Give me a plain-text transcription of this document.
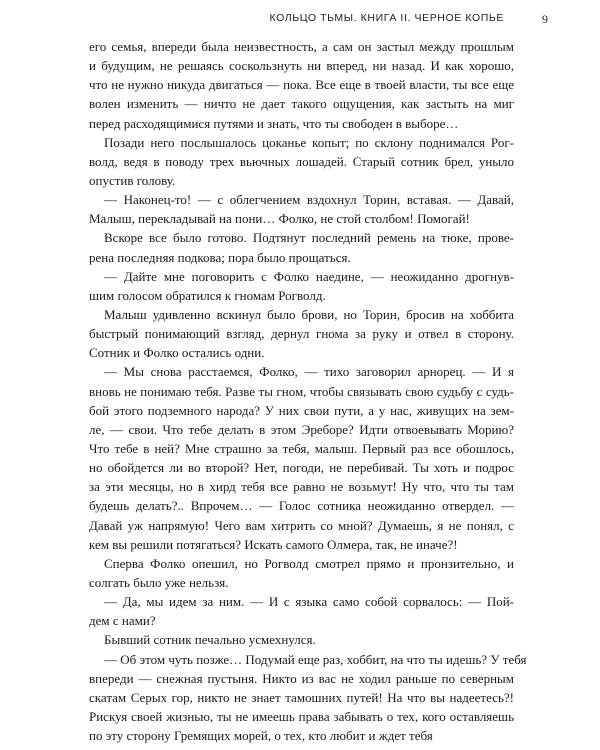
КОЛЬЦО ТЬМЫ. КНИГА II. ЧЕРНОЕ КОПЬЕ	9
его семья, впереди была неизвестность, а сам он застыл между прошлым
и будущим, не решаясь соскользнуть ни вперед, ни назад. И как хорошо,
что не нужно никуда двигаться — пока. Все еще в твоей власти, ты все еще
волен изменить — ничто не дает такого ощущения, как застыть на миг
перед расходящимися путями и знать, что ты свободен в выборе…
Позади него послышалось цоканье копыт; по склону поднимался Рог-
волд, ведя в поводу трех вьючных лошадей. Старый сотник брел, уныло
опустив голову.
— Наконец-то! — с облегчением вздохнул Торин, вставая. — Давай,
Малыш, перекладывай на пони… Фолко, не стой столбом! Помогай!
Вскоре все было готово. Подтянут последний ремень на тюке, прове-
рена последняя подкова; пора было прощаться.
— Дайте мне поговорить с Фолко наедине, — неожиданно дрогнув-
шим голосом обратился к гномам Рогволд.
Малыш удивленно вскинул было брови, но Торин, бросив на хоббита
быстрый понимающий взгляд, дернул гнома за руку и отвел в сторону.
Сотник и Фолко остались одни.
— Мы снова расстаемся, Фолко, — тихо заговорил арнорец. — И я
вновь не понимаю тебя. Разве ты гном, чтобы связывать свою судьбу с судь-
бой этого подземного народа? У них свои пути, а у нас, живущих на зем-
ле, — свои. Что тебе делать в этом Эреборе? Идти отвоевывать Морию?
Что тебе в ней? Мне страшно за тебя, малыш. Первый раз все обошлось,
но обойдется ли во второй? Нет, погоди, не перебивай. Ты хоть и подрос
за эти месяцы, но в хирд тебя все равно не возьмут! Ну что, что ты там
будешь делать?.. Впрочем… — Голос сотника неожиданно отвердел. —
Давай уж напрямую! Чего вам хитрить со мной? Думаешь, я не понял, с
кем вы решили потягаться? Искать самого Олмера, так, не иначе?!
Сперва Фолко опешил, но Рогволд смотрел прямо и пронзительно, и
солгать было уже нельзя.
— Да, мы идем за ним. — И с языка само собой сорвалось: — Пой-
дем с нами?
Бывший сотник печально усмехнулся.
— Об этом чуть позже… Подумай еще раз, хоббит, на что ты идешь? У тебя
впереди — снежная пустыня. Никто из вас не ходил раньше по северным
скатам Серых гор, никто не знает тамошних путей! На что вы надеетесь?!
Рискуя своей жизнью, ты не имеешь права забывать о тех, кого оставляешь
по эту сторону Гремящих морей, о тех, кто любит и ждет тебя
